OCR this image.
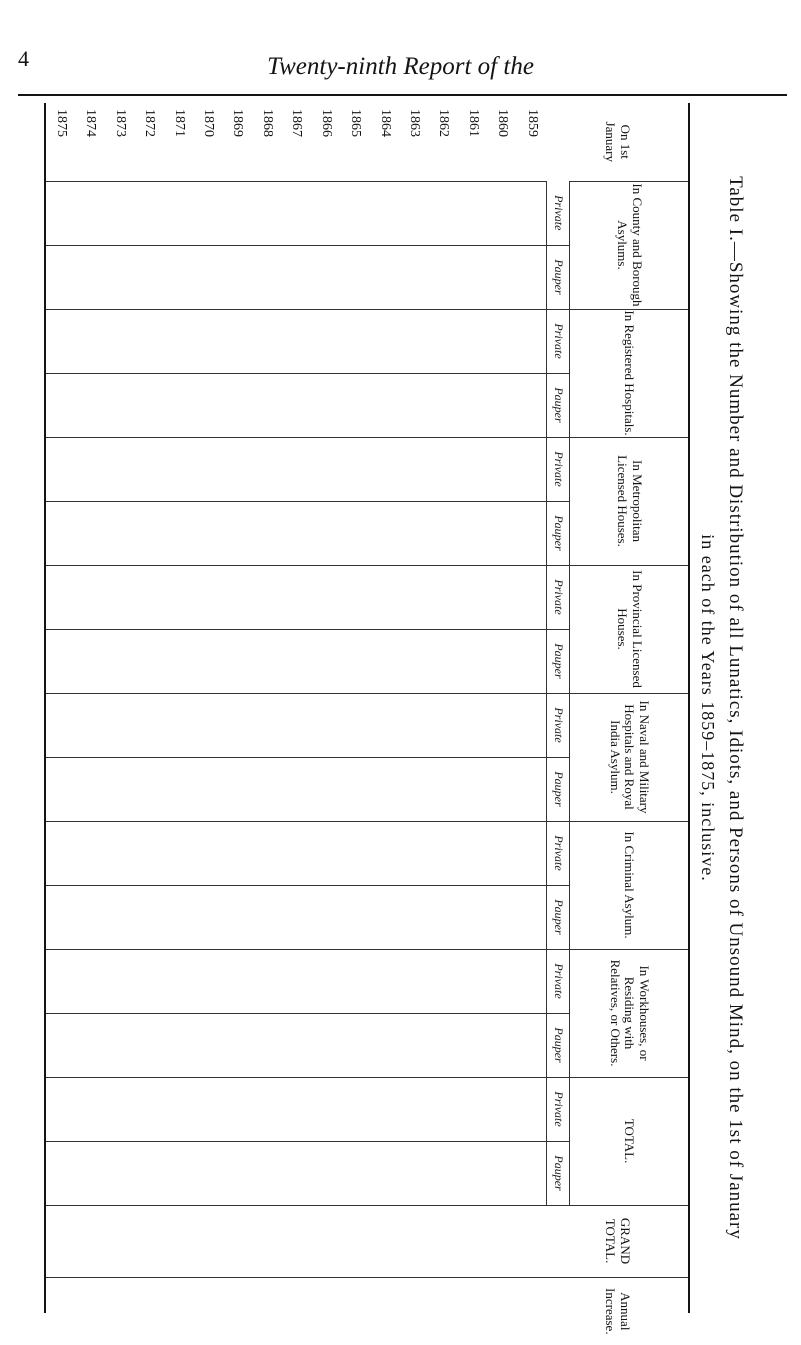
4	Twenty-ninth Report of the
Table I.—Showing the Number and Distribution of all Lunatics, Idiots, and Persons of Unsound Mind, on the 1st of January
in each of the Years 1859–1875, inclusive.
On 1st January	In County and Borough Asylums.		In Registered Hospitals.		In Metropolitan Licensed Houses.		In Provincial Licensed Houses.		In Naval and Military Hospitals and Royal India Asylum.		In Criminal Asylum.		In Workhouses, or Residing with Relatives, or Others.		TOTAL.		GRAND TOTAL.	Annual Increase.
	Private	Pauper	Private	Pauper	Private	Pauper	Private	Pauper	Private	Pauper	Private	Pauper	Private	Pauper	Private	Pauper		
1859																		
1860																		
1861																		
1862																		
1863																		
1864																		
1865																		
1866																		
1867																		
1868																		
1869																		
1870																		
1871																		
1872																		
1873																		
1874																		
1875																		
